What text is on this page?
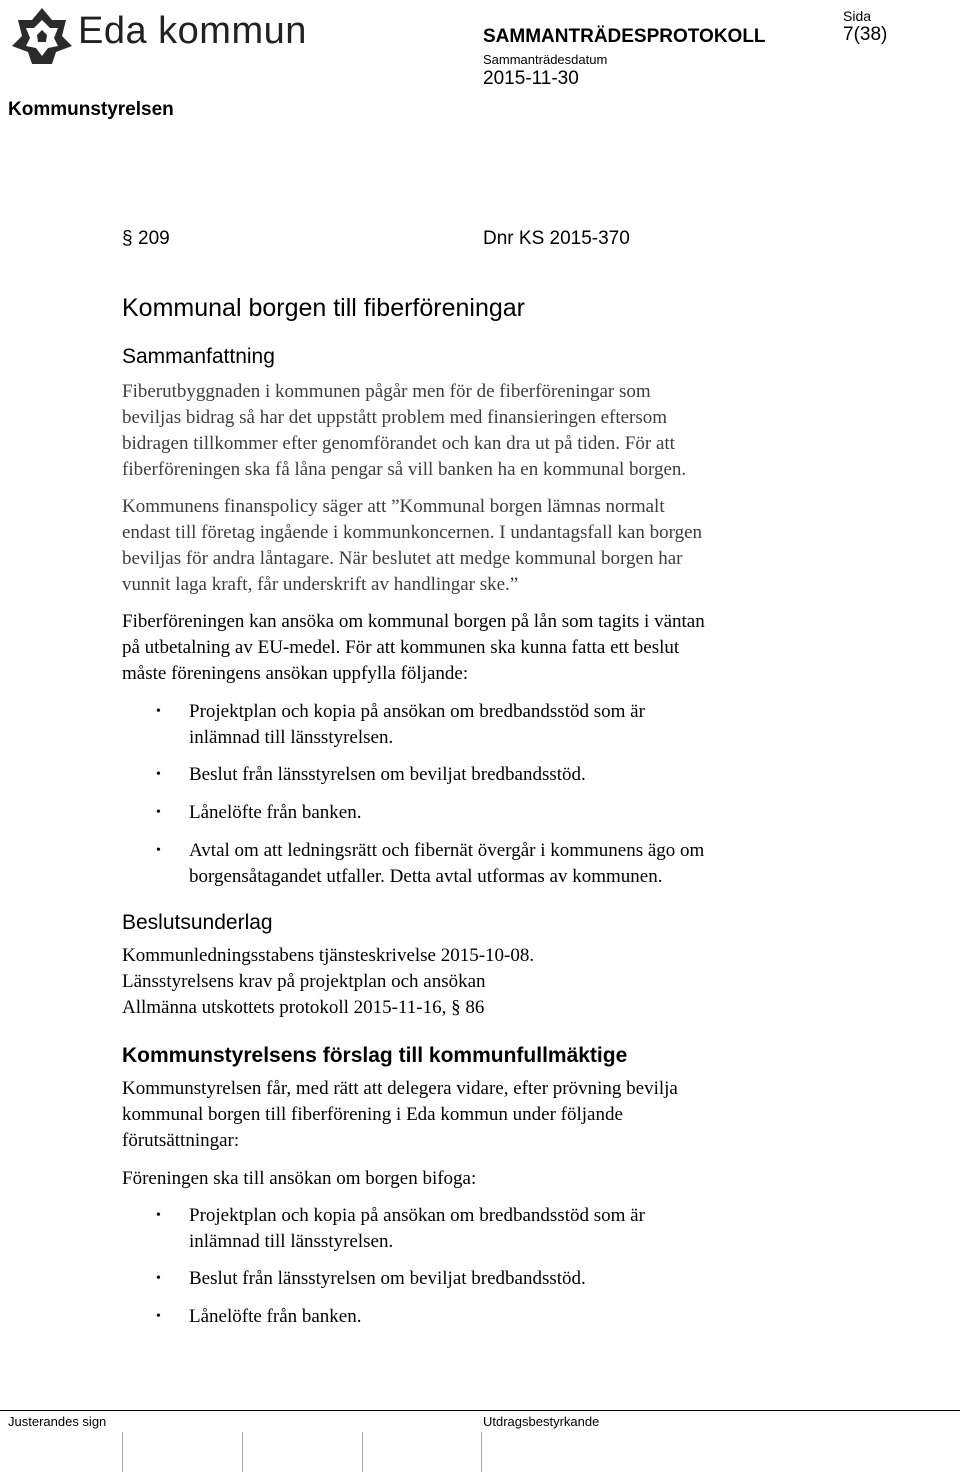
Eda kommun	SAMMANTRÄDESPROTOKOLL
Sammanträdesdatum
2015-11-30
Sida
7(38)
Kommunstyrelsen
§ 209	Dnr KS 2015-370
Kommunal borgen till fiberföreningar
Sammanfattning
Fiberutbyggnaden i kommunen pågår men för de fiberföreningar som
beviljas bidrag så har det uppstått problem med finansieringen eftersom
bidragen tillkommer efter genomförandet och kan dra ut på tiden. För att
fiberföreningen ska få låna pengar så vill banken ha en kommunal borgen.
Kommunens finanspolicy säger att ”Kommunal borgen lämnas normalt
endast till företag ingående i kommunkoncernen. I undantagsfall kan borgen
beviljas för andra låntagare. När beslutet att medge kommunal borgen har
vunnit laga kraft, får underskrift av handlingar ske.”
Fiberföreningen kan ansöka om kommunal borgen på lån som tagits i väntan
på utbetalning av EU-medel. För att kommunen ska kunna fatta ett beslut
måste föreningens ansökan uppfylla följande:
• Projektplan och kopia på ansökan om bredbandsstöd som är
inlämnad till länsstyrelsen.
• Beslut från länsstyrelsen om beviljat bredbandsstöd.
• Lånelöfte från banken.
• Avtal om att ledningsrätt och fibernät övergår i kommunens ägo om
borgensåtagandet utfaller. Detta avtal utformas av kommunen.
Beslutsunderlag
Kommunledningsstabens tjänsteskrivelse 2015-10-08.
Länsstyrelsens krav på projektplan och ansökan
Allmänna utskottets protokoll 2015-11-16, § 86
Kommunstyrelsens förslag till kommunfullmäktige
Kommunstyrelsen får, med rätt att delegera vidare, efter prövning bevilja
kommunal borgen till fiberförening i Eda kommun under följande
förutsättningar:
Föreningen ska till ansökan om borgen bifoga:
• Projektplan och kopia på ansökan om bredbandsstöd som är
inlämnad till länsstyrelsen.
• Beslut från länsstyrelsen om beviljat bredbandsstöd.
• Lånelöfte från banken.
Justerandes sign	Utdragsbestyrkande
